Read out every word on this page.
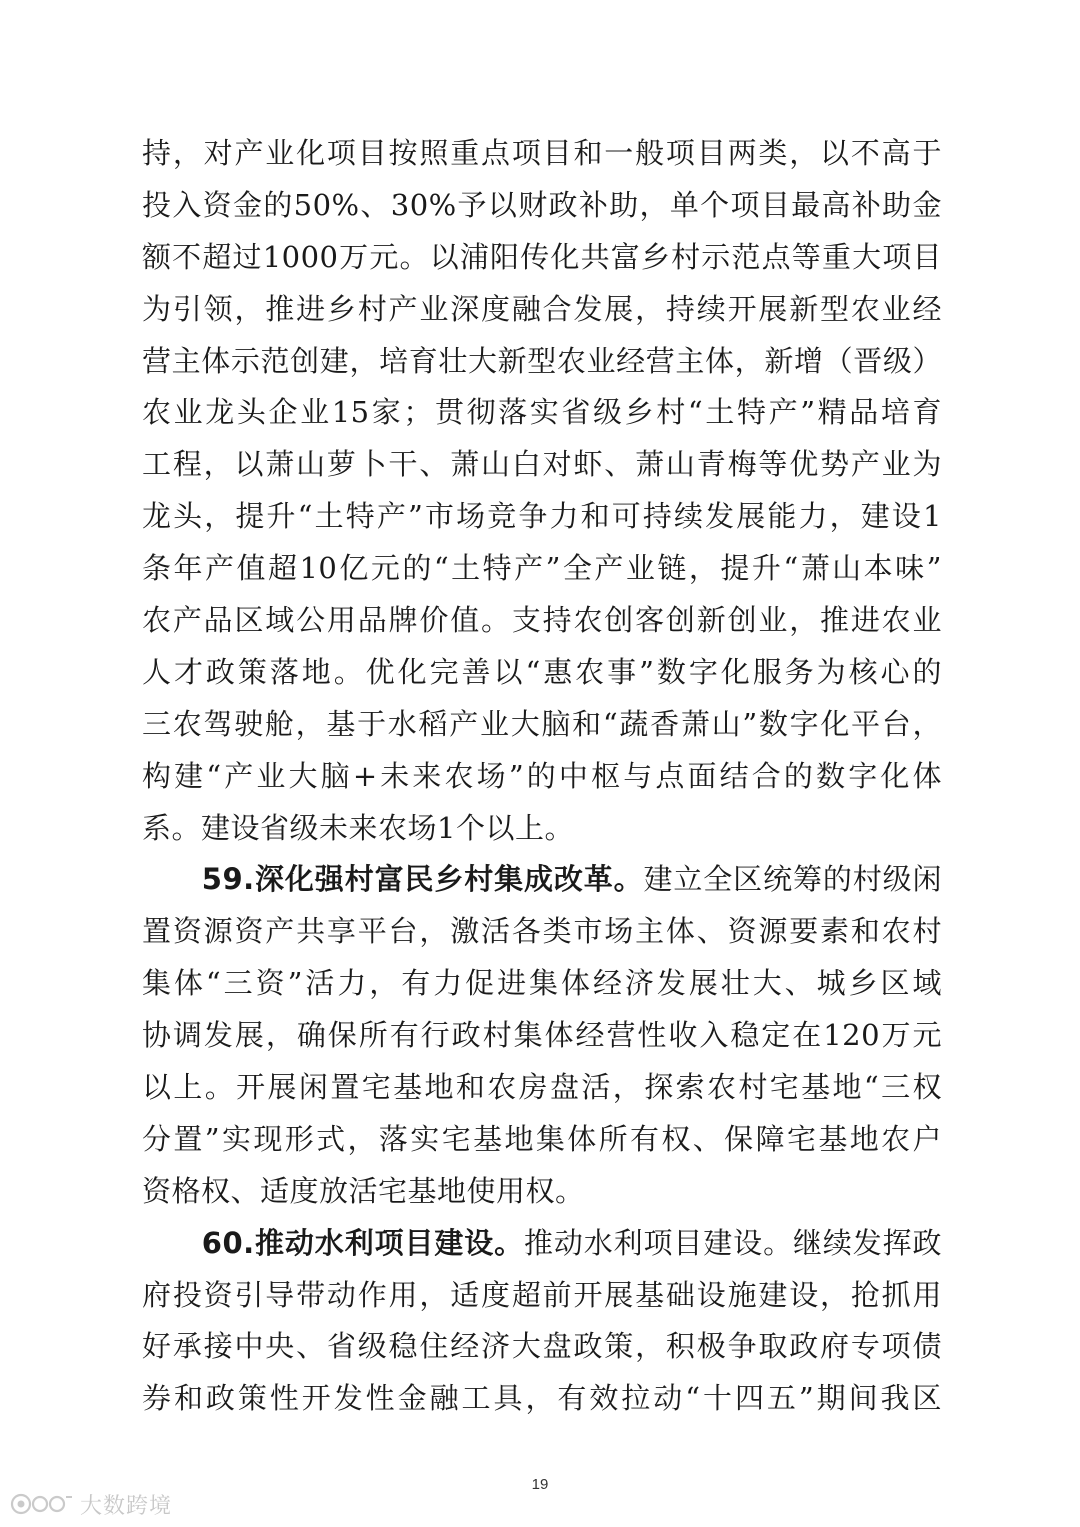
持，对产业化项目按照重点项目和一般项目两类，以不高于
投入资金的50%、30%予以财政补助，单个项目最高补助金
额不超过1000万元。以浦阳传化共富乡村示范点等重大项目
为引领，推进乡村产业深度融合发展，持续开展新型农业经
营主体示范创建，培育壮大新型农业经营主体，新增（晋级）
农业龙头企业15家；贯彻落实省级乡村“土特产”精品培育
工程，以萧山萝卜干、萧山白对虾、萧山青梅等优势产业为
龙头，提升“土特产”市场竞争力和可持续发展能力，建设1
条年产值超10亿元的“土特产”全产业链，提升“萧山本味”
农产品区域公用品牌价值。支持农创客创新创业，推进农业
人才政策落地。优化完善以“惠农事”数字化服务为核心的
三农驾驶舱，基于水稻产业大脑和“蔬香萧山”数字化平台，
构建“产业大脑+未来农场”的中枢与点面结合的数字化体
系。建设省级未来农场1个以上。
　　59.深化强村富民乡村集成改革。建立全区统筹的村级闲
置资源资产共享平台，激活各类市场主体、资源要素和农村
集体“三资”活力，有力促进集体经济发展壮大、城乡区域
协调发展，确保所有行政村集体经营性收入稳定在120万元
以上。开展闲置宅基地和农房盘活，探索农村宅基地“三权
分置”实现形式，落实宅基地集体所有权、保障宅基地农户
资格权、适度放活宅基地使用权。
　　60.推动水利项目建设。推动水利项目建设。继续发挥政
府投资引导带动作用，适度超前开展基础设施建设，抢抓用
好承接中央、省级稳住经济大盘政策，积极争取政府专项债
券和政策性开发性金融工具，有效拉动“十四五”期间我区
19
大数跨境
